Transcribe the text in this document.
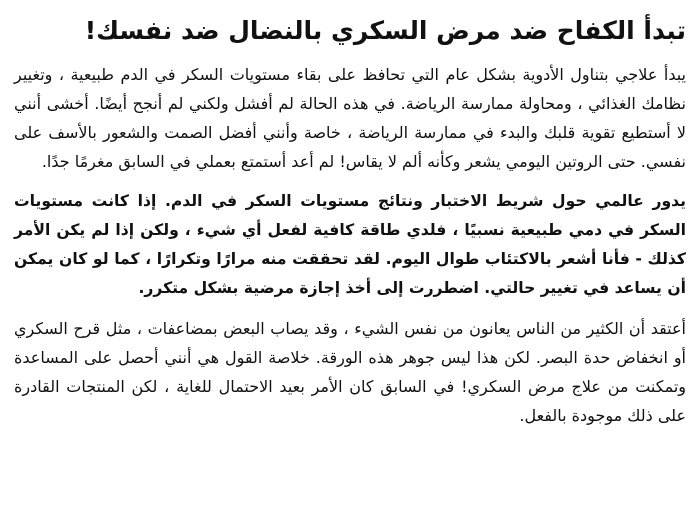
تبدأ الكفاح ضد مرض السكري بالنضال ضد نفسك!

يبدأ علاجي بتناول الأدوية بشكل عام التي تحافظ على بقاء مستويات السكر في الدم طبيعية ، وتغيير نظامك الغذائي ، ومحاولة ممارسة الرياضة. في هذه الحالة لم أفشل ولكني لم أنجح أيضًا. أخشى أنني لا أستطيع تقوية قلبك والبدء في ممارسة الرياضة ، خاصة وأنني أفضل الصمت والشعور بالأسف على نفسي. حتى الروتين اليومي يشعر وكأنه ألم لا يقاس! لم أعد أستمتع بعملي في السابق مغرمًا جدًا.

يدور عالمي حول شريط الاختبار ونتائج مستويات السكر في الدم. إذا كانت مستويات السكر في دمي طبيعية نسبيًا ، فلدي طاقة كافية لفعل أي شيء ، ولكن إذا لم يكن الأمر كذلك - فأنا أشعر بالاكتئاب طوال اليوم. لقد تحققت منه مرارًا وتكرارًا ، كما لو كان يمكن أن يساعد في تغيير حالتي. اضطررت إلى أخذ إجازة مرضية بشكل متكرر.

أعتقد أن الكثير من الناس يعانون من نفس الشيء ، وقد يصاب البعض بمضاعفات ، مثل قرح السكري أو انخفاض حدة البصر. لكن هذا ليس جوهر هذه الورقة. خلاصة القول هي أنني أحصل على المساعدة وتمكنت من علاج مرض السكري! في السابق كان الأمر بعيد الاحتمال للغاية ، لكن المنتجات القادرة على ذلك موجودة بالفعل.
